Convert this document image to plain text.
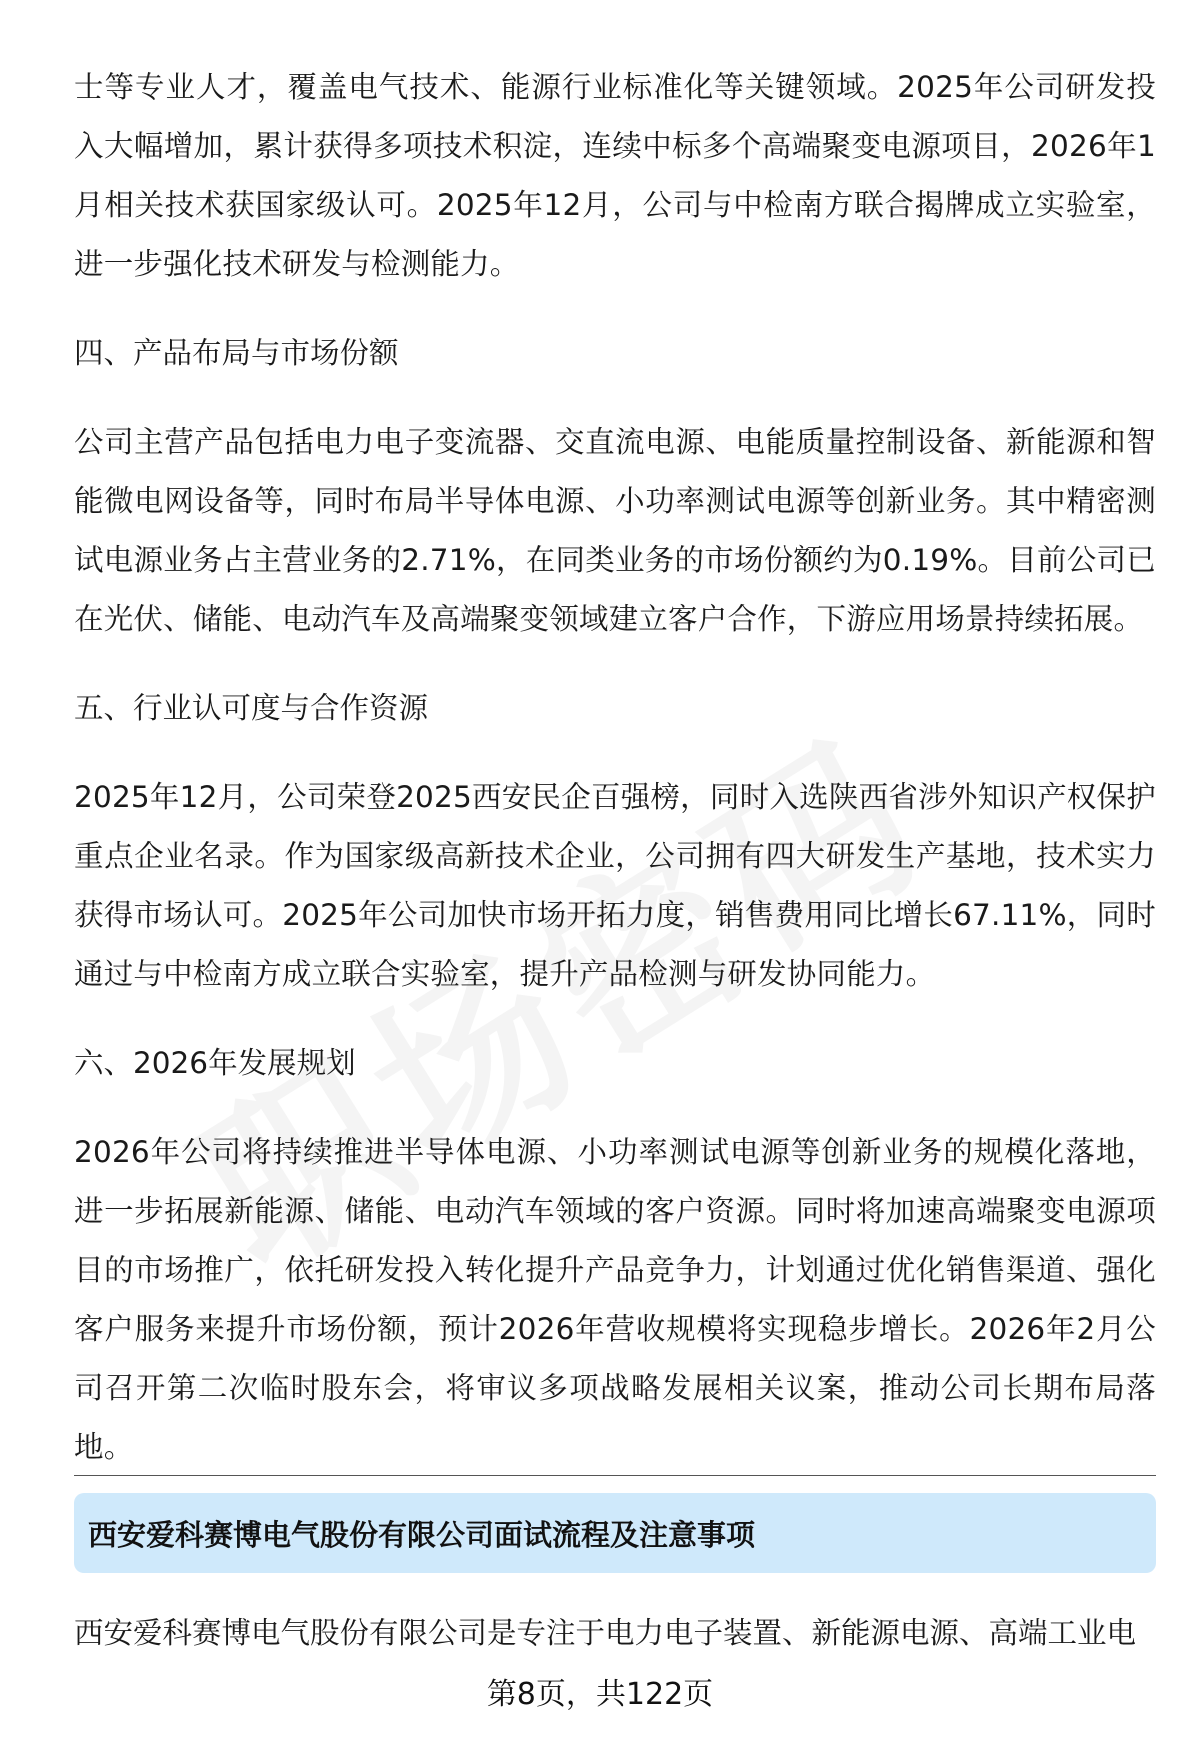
士等专业人才，覆盖电气技术、能源行业标准化等关键领域。2025年公司研发投入大幅增加，累计获得多项技术积淀，连续中标多个高端聚变电源项目，2026年1月相关技术获国家级认可。2025年12月，公司与中检南方联合揭牌成立实验室，进一步强化技术研发与检测能力。

四、产品布局与市场份额

公司主营产品包括电力电子变流器、交直流电源、电能质量控制设备、新能源和智能微电网设备等，同时布局半导体电源、小功率测试电源等创新业务。其中精密测试电源业务占主营业务的2.71%，在同类业务的市场份额约为0.19%。目前公司已在光伏、储能、电动汽车及高端聚变领域建立客户合作，下游应用场景持续拓展。

五、行业认可度与合作资源

2025年12月，公司荣登2025西安民企百强榜，同时入选陕西省涉外知识产权保护重点企业名录。作为国家级高新技术企业，公司拥有四大研发生产基地，技术实力获得市场认可。2025年公司加快市场开拓力度，销售费用同比增长67.11%，同时通过与中检南方成立联合实验室，提升产品检测与研发协同能力。

六、2026年发展规划

2026年公司将持续推进半导体电源、小功率测试电源等创新业务的规模化落地，进一步拓展新能源、储能、电动汽车领域的客户资源。同时将加速高端聚变电源项目的市场推广，依托研发投入转化提升产品竞争力，计划通过优化销售渠道、强化客户服务来提升市场份额，预计2026年营收规模将实现稳步增长。2026年2月公司召开第二次临时股东会，将审议多项战略发展相关议案，推动公司长期布局落地。

西安爱科赛博电气股份有限公司面试流程及注意事项

西安爱科赛博电气股份有限公司是专注于电力电子装置、新能源电源、高端工业电

第8页，共122页
